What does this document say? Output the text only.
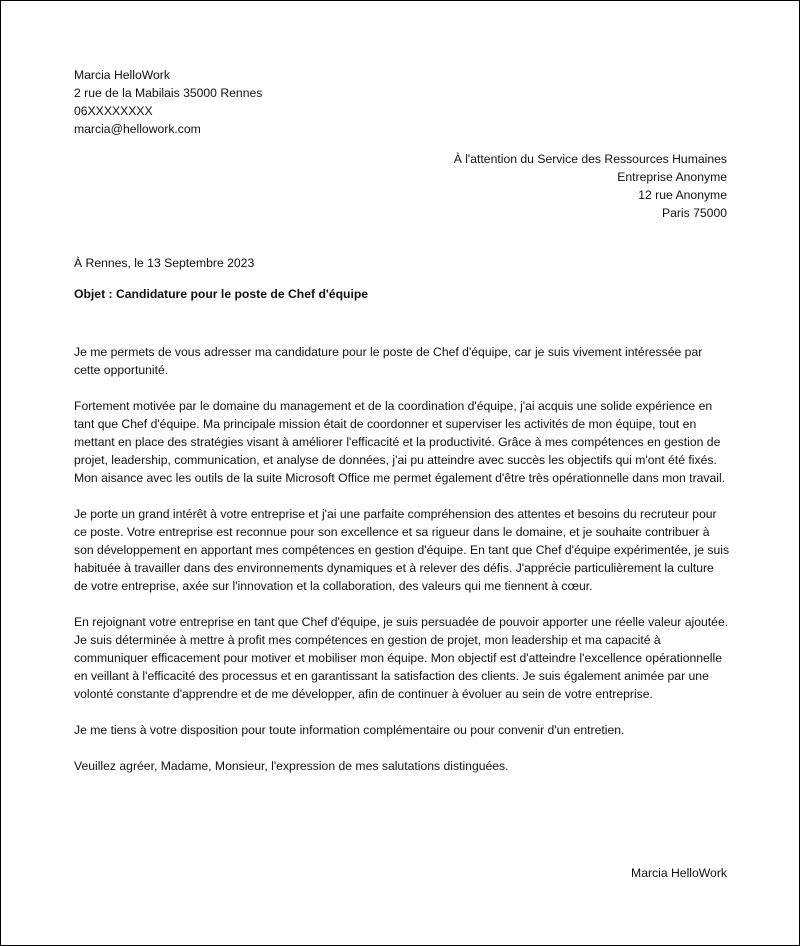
Marcia HelloWork
2 rue de la Mabilais 35000 Rennes
06XXXXXXXX
marcia@hellowork.com
À l'attention du Service des Ressources Humaines
Entreprise Anonyme
12 rue Anonyme
Paris 75000
À Rennes, le 13 Septembre 2023
Objet : Candidature pour le poste de Chef d'équipe

Je me permets de vous adresser ma candidature pour le poste de Chef d'équipe, car je suis vivement intéressée par cette opportunité.

Fortement motivée par le domaine du management et de la coordination d'équipe, j'ai acquis une solide expérience en tant que Chef d'équipe. Ma principale mission était de coordonner et superviser les activités de mon équipe, tout en mettant en place des stratégies visant à améliorer l'efficacité et la productivité. Grâce à mes compétences en gestion de projet, leadership, communication, et analyse de données, j'ai pu atteindre avec succès les objectifs qui m'ont été fixés. Mon aisance avec les outils de la suite Microsoft Office me permet également d'être très opérationnelle dans mon travail.

Je porte un grand intérêt à votre entreprise et j'ai une parfaite compréhension des attentes et besoins du recruteur pour ce poste. Votre entreprise est reconnue pour son excellence et sa rigueur dans le domaine, et je souhaite contribuer à son développement en apportant mes compétences en gestion d'équipe. En tant que Chef d'équipe expérimentée, je suis habituée à travailler dans des environnements dynamiques et à relever des défis. J'apprécie particulièrement la culture de votre entreprise, axée sur l'innovation et la collaboration, des valeurs qui me tiennent à cœur.

En rejoignant votre entreprise en tant que Chef d'équipe, je suis persuadée de pouvoir apporter une réelle valeur ajoutée. Je suis déterminée à mettre à profit mes compétences en gestion de projet, mon leadership et ma capacité à communiquer efficacement pour motiver et mobiliser mon équipe. Mon objectif est d'atteindre l'excellence opérationnelle en veillant à l'efficacité des processus et en garantissant la satisfaction des clients. Je suis également animée par une volonté constante d'apprendre et de me développer, afin de continuer à évoluer au sein de votre entreprise.

Je me tiens à votre disposition pour toute information complémentaire ou pour convenir d'un entretien.

Veuillez agréer, Madame, Monsieur, l'expression de mes salutations distinguées.

Marcia HelloWork
